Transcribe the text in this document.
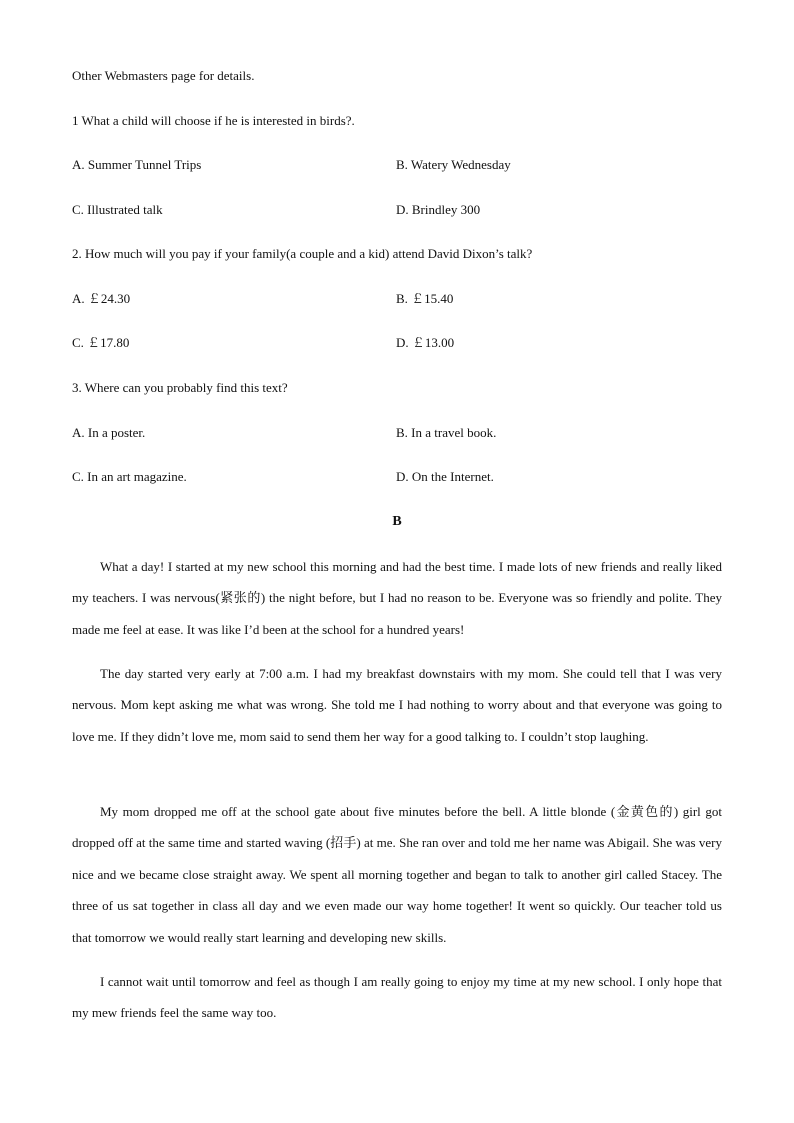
Other Webmasters page for details.
1 What a child will choose if he is interested in birds?.
A. Summer Tunnel Trips	B. Watery Wednesday
C. Illustrated talk	D. Brindley 300
2. How much will you pay if your family(a couple and a kid) attend David Dixon’s talk?
A. ￡24.30	B. ￡15.40
C. ￡17.80	D. ￡13.00
3. Where can you probably find this text?
A. In a poster.	B. In a travel book.
C. In an art magazine.	D. On the Internet.
B

What a day! I started at my new school this morning and had the best time. I made lots of new friends and really liked my teachers. I was nervous(紧张的) the night before, but I had no reason to be. Everyone was so friendly and polite. They made me feel at ease. It was like I’d been at the school for a hundred years!

The day started very early at 7:00 a.m. I had my breakfast downstairs with my mom. She could tell that I was very nervous. Mom kept asking me what was wrong. She told me I had nothing to worry about and that everyone was going to love me. If they didn’t love me, mom said to send them her way for a good talking to. I couldn’t stop laughing.

My mom dropped me off at the school gate about five minutes before the bell. A little blonde (金黄色的) girl got dropped off at the same time and started waving (招手) at me. She ran over and told me her name was Abigail. She was very nice and we became close straight away. We spent all morning together and began to talk to another girl called Stacey. The three of us sat together in class all day and we even made our way home together! It went so quickly. Our teacher told us that tomorrow we would really start learning and developing new skills.

I cannot wait until tomorrow and feel as though I am really going to enjoy my time at my new school. I only hope that my mew friends feel the same way too.
